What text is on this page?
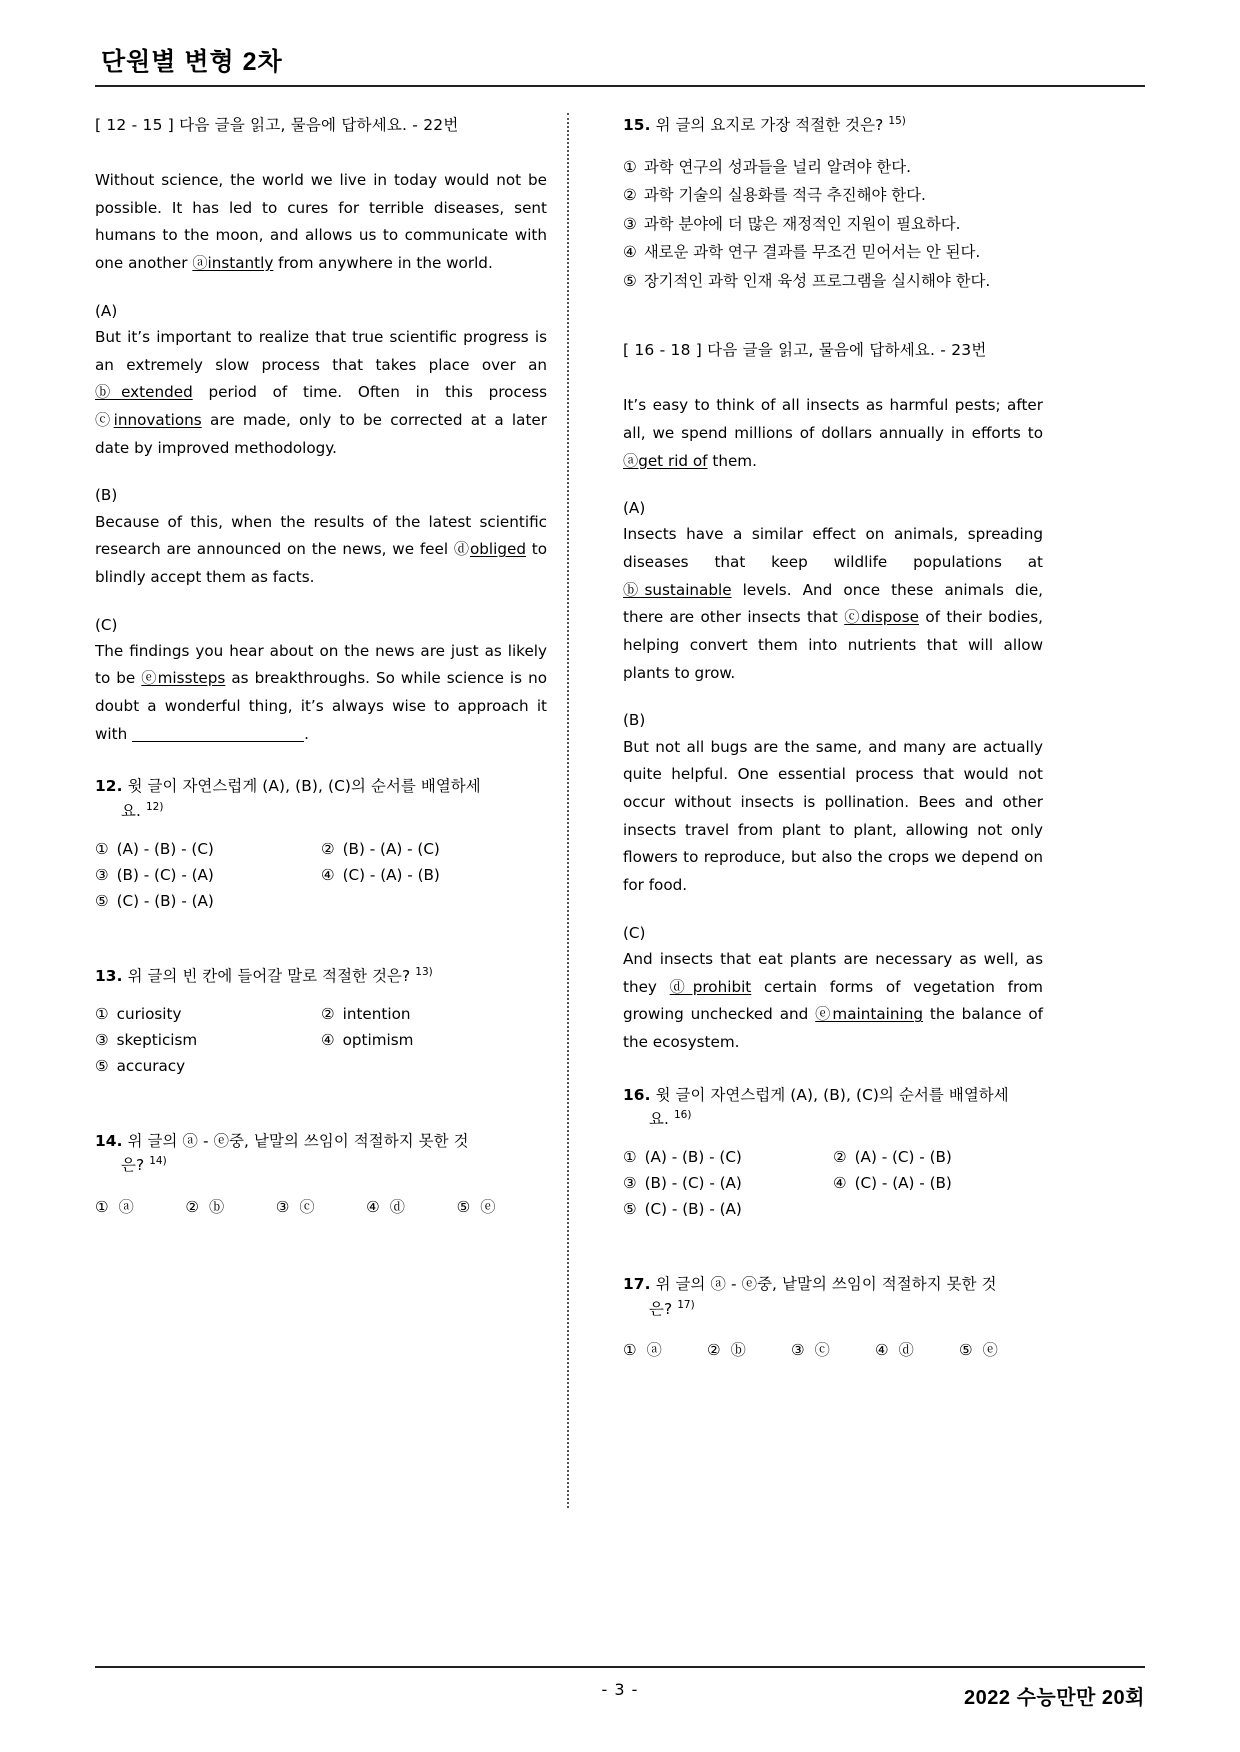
단원별 변형 2차
[ 12 - 15 ] 다음 글을 읽고, 물음에 답하세요. - 22번
Without science, the world we live in today would not be possible. It has led to cures for terrible diseases, sent humans to the moon, and allows us to communicate with one another ⓐinstantly from anywhere in the world.
(A)
But it’s important to realize that true scientific progress is an extremely slow process that takes place over an ⓑextended period of time. Often in this process ⓒinnovations are made, only to be corrected at a later date by improved methodology.
(B)
Because of this, when the results of the latest scientific research are announced on the news, we feel ⓓobliged to blindly accept them as facts.
(C)
The findings you hear about on the news are just as likely to be ⓔmissteps as breakthroughs. So while science is no doubt a wonderful thing, it’s always wise to approach it with	.
12. 윗 글이 자연스럽게 (A), (B), (C)의 순서를 배열하세
요. $^{12)}$
① (A) - (B) - (C)	② (B) - (A) - (C)
③ (B) - (C) - (A)	④ (C) - (A) - (B)
⑤ (C) - (B) - (A)
13. 위 글의 빈 칸에 들어갈 말로 적절한 것은? $^{13)}$
① curiosity	② intention
③ skepticism	④ optimism
⑤ accuracy
14. 위 글의 ⓐ - ⓔ중, 낱말의 쓰임이 적절하지 못한 것
은? $^{14)}$
① ⓐ	② ⓑ	③ ⓒ	④ ⓓ	⑤ ⓔ
15. 위 글의 요지로 가장 적절한 것은? $^{15)}$
① 과학 연구의 성과들을 널리 알려야 한다.
② 과학 기술의 실용화를 적극 추진해야 한다.
③ 과학 분야에 더 많은 재정적인 지원이 필요하다.
④ 새로운 과학 연구 결과를 무조건 믿어서는 안 된다.
⑤ 장기적인 과학 인재 육성 프로그램을 실시해야 한다.
[ 16 - 18 ] 다음 글을 읽고, 물음에 답하세요. - 23번
It’s easy to think of all insects as harmful pests; after all, we spend millions of dollars annually in efforts to ⓐget rid of them.
(A)
Insects have a similar effect on animals, spreading diseases that keep wildlife populations at ⓑsustainable levels. And once these animals die, there are other insects that ⓒdispose of their bodies, helping convert them into nutrients that will allow plants to grow.
(B)
But not all bugs are the same, and many are actually quite helpful. One essential process that would not occur without insects is pollination. Bees and other insects travel from plant to plant, allowing not only flowers to reproduce, but also the crops we depend on for food.
(C)
And insects that eat plants are necessary as well, as they ⓓprohibit certain forms of vegetation from growing unchecked and ⓔmaintaining the balance of the ecosystem.
16. 윗 글이 자연스럽게 (A), (B), (C)의 순서를 배열하세
요. $^{16)}$
① (A) - (B) - (C)	② (A) - (C) - (B)
③ (B) - (C) - (A)	④ (C) - (A) - (B)
⑤ (C) - (B) - (A)
17. 위 글의 ⓐ - ⓔ중, 낱말의 쓰임이 적절하지 못한 것
은? $^{17)}$
① ⓐ	② ⓑ	③ ⓒ	④ ⓓ	⑤ ⓔ
- 3 -	2022 수능만만 20회
